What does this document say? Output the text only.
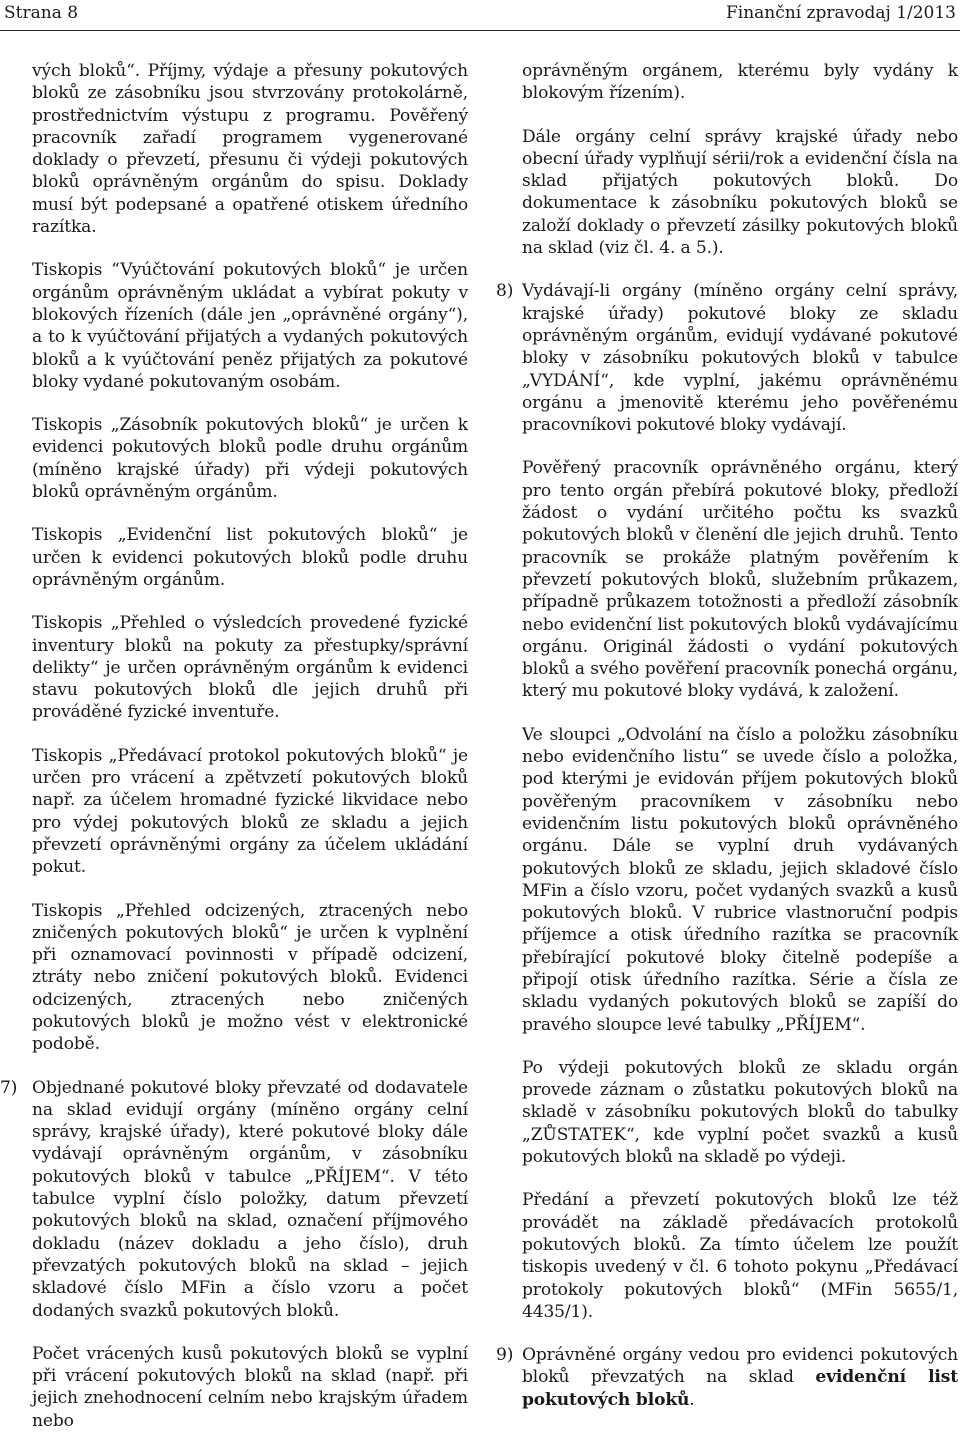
Strana 8	Finanční zpravodaj 1/2013

vých bloků“. Příjmy, výdaje a přesuny pokutových bloků ze zásobníku jsou stvrzovány protokolárně, prostřednictvím výstupu z programu. Pověřený pracovník zařadí programem vygenerované doklady o převzetí, přesunu či výdeji pokutových bloků oprávněným orgánům do spisu. Doklady musí být podepsané a opatřené otiskem úředního razítka.

Tiskopis “Vyúčtování pokutových bloků“ je určen orgánům oprávněným ukládat a vybírat pokuty v blokových řízeních (dále jen „oprávněné orgány“), a to k vyúčtování přijatých a vydaných pokutových bloků a k vyúčtování peněz přijatých za pokutové bloky vydané pokutovaným osobám.

Tiskopis „Zásobník pokutových bloků“ je určen k evidenci pokutových bloků podle druhu orgánům (míněno krajské úřady) při výdeji pokutových bloků oprávněným orgánům.

Tiskopis „Evidenční list pokutových bloků“ je určen k evidenci pokutových bloků podle druhu oprávněným orgánům.

Tiskopis „Přehled o výsledcích provedené fyzické inventury bloků na pokuty za přestupky/správní delikty“ je určen oprávněným orgánům k evidenci stavu pokutových bloků dle jejich druhů při prováděné fyzické inventuře.

Tiskopis „Předávací protokol pokutových bloků“ je určen pro vrácení a zpětvzetí pokutových bloků např. za účelem hromadné fyzické likvidace nebo pro výdej pokutových bloků ze skladu a jejich převzetí oprávněnými orgány za účelem ukládání pokut.

Tiskopis „Přehled odcizených, ztracených nebo zničených pokutových bloků“ je určen k vyplnění při oznamovací povinnosti v případě odcizení, ztráty nebo zničení pokutových bloků. Evidenci odcizených, ztracených nebo zničených pokutových bloků je možno vést v elektronické podobě.

7) Objednané pokutové bloky převzaté od dodavatele na sklad evidují orgány (míněno orgány celní správy, krajské úřady), které pokutové bloky dále vydávají oprávněným orgánům, v zásobníku pokutových bloků v tabulce „PŘÍJEM“. V této tabulce vyplní číslo položky, datum převzetí pokutových bloků na sklad, označení příjmového dokladu (název dokladu a jeho číslo), druh převzatých pokutových bloků na sklad – jejich skladové číslo MFin a číslo vzoru a počet dodaných svazků pokutových bloků.

Počet vrácených kusů pokutových bloků se vyplní při vrácení pokutových bloků na sklad (např. při jejich znehodnocení celním nebo krajským úřadem nebo

oprávněným orgánem, kterému byly vydány k blokovým řízením).

Dále orgány celní správy krajské úřady nebo obecní úřady vyplňují sérii/rok a evidenční čísla na sklad přijatých pokutových bloků. Do dokumentace k zásobníku pokutových bloků se založí doklady o převzetí zásilky pokutových bloků na sklad (viz čl. 4. a 5.).

8) Vydávají-li orgány (míněno orgány celní správy, krajské úřady) pokutové bloky ze skladu oprávněným orgánům, evidují vydávané pokutové bloky v zásobníku pokutových bloků v tabulce „VYDÁNÍ“, kde vyplní, jakému oprávněnému orgánu a jmenovitě kterému jeho pověřenému pracovníkovi pokutové bloky vydávají.

Pověřený pracovník oprávněného orgánu, který pro tento orgán přebírá pokutové bloky, předloží žádost o vydání určitého počtu ks svazků pokutových bloků v členění dle jejich druhů. Tento pracovník se prokáže platným pověřením k převzetí pokutových bloků, služebním průkazem, případně průkazem totožnosti a předloží zásobník nebo evidenční list pokutových bloků vydávajícímu orgánu. Originál žádosti o vydání pokutových bloků a svého pověření pracovník ponechá orgánu, který mu pokutové bloky vydává, k založení.

Ve sloupci „Odvolání na číslo a položku zásobníku nebo evidenčního listu“ se uvede číslo a položka, pod kterými je evidován příjem pokutových bloků pověřeným pracovníkem v zásobníku nebo evidenčním listu pokutových bloků oprávněného orgánu. Dále se vyplní druh vydávaných pokutových bloků ze skladu, jejich skladové číslo MFin a číslo vzoru, počet vydaných svazků a kusů pokutových bloků. V rubrice vlastnoruční podpis příjemce a otisk úředního razítka se pracovník přebírající pokutové bloky čitelně podepíše a připojí otisk úředního razítka. Série a čísla ze skladu vydaných pokutových bloků se zapíší do pravého sloupce levé tabulky „PŘÍJEM“.

Po výdeji pokutových bloků ze skladu orgán provede záznam o zůstatku pokutových bloků na skladě v zásobníku pokutových bloků do tabulky „ZŮSTATEK“, kde vyplní počet svazků a kusů pokutových bloků na skladě po výdeji.

Předání a převzetí pokutových bloků lze též provádět na základě předávacích protokolů pokutových bloků. Za tímto účelem lze použít tiskopis uvedený v čl. 6 tohoto pokynu „Předávací protokoly pokutových bloků“ (MFin 5655/1, 4435/1).

9) Oprávněné orgány vedou pro evidenci pokutových bloků převzatých na sklad evidenční list pokutových bloků.
